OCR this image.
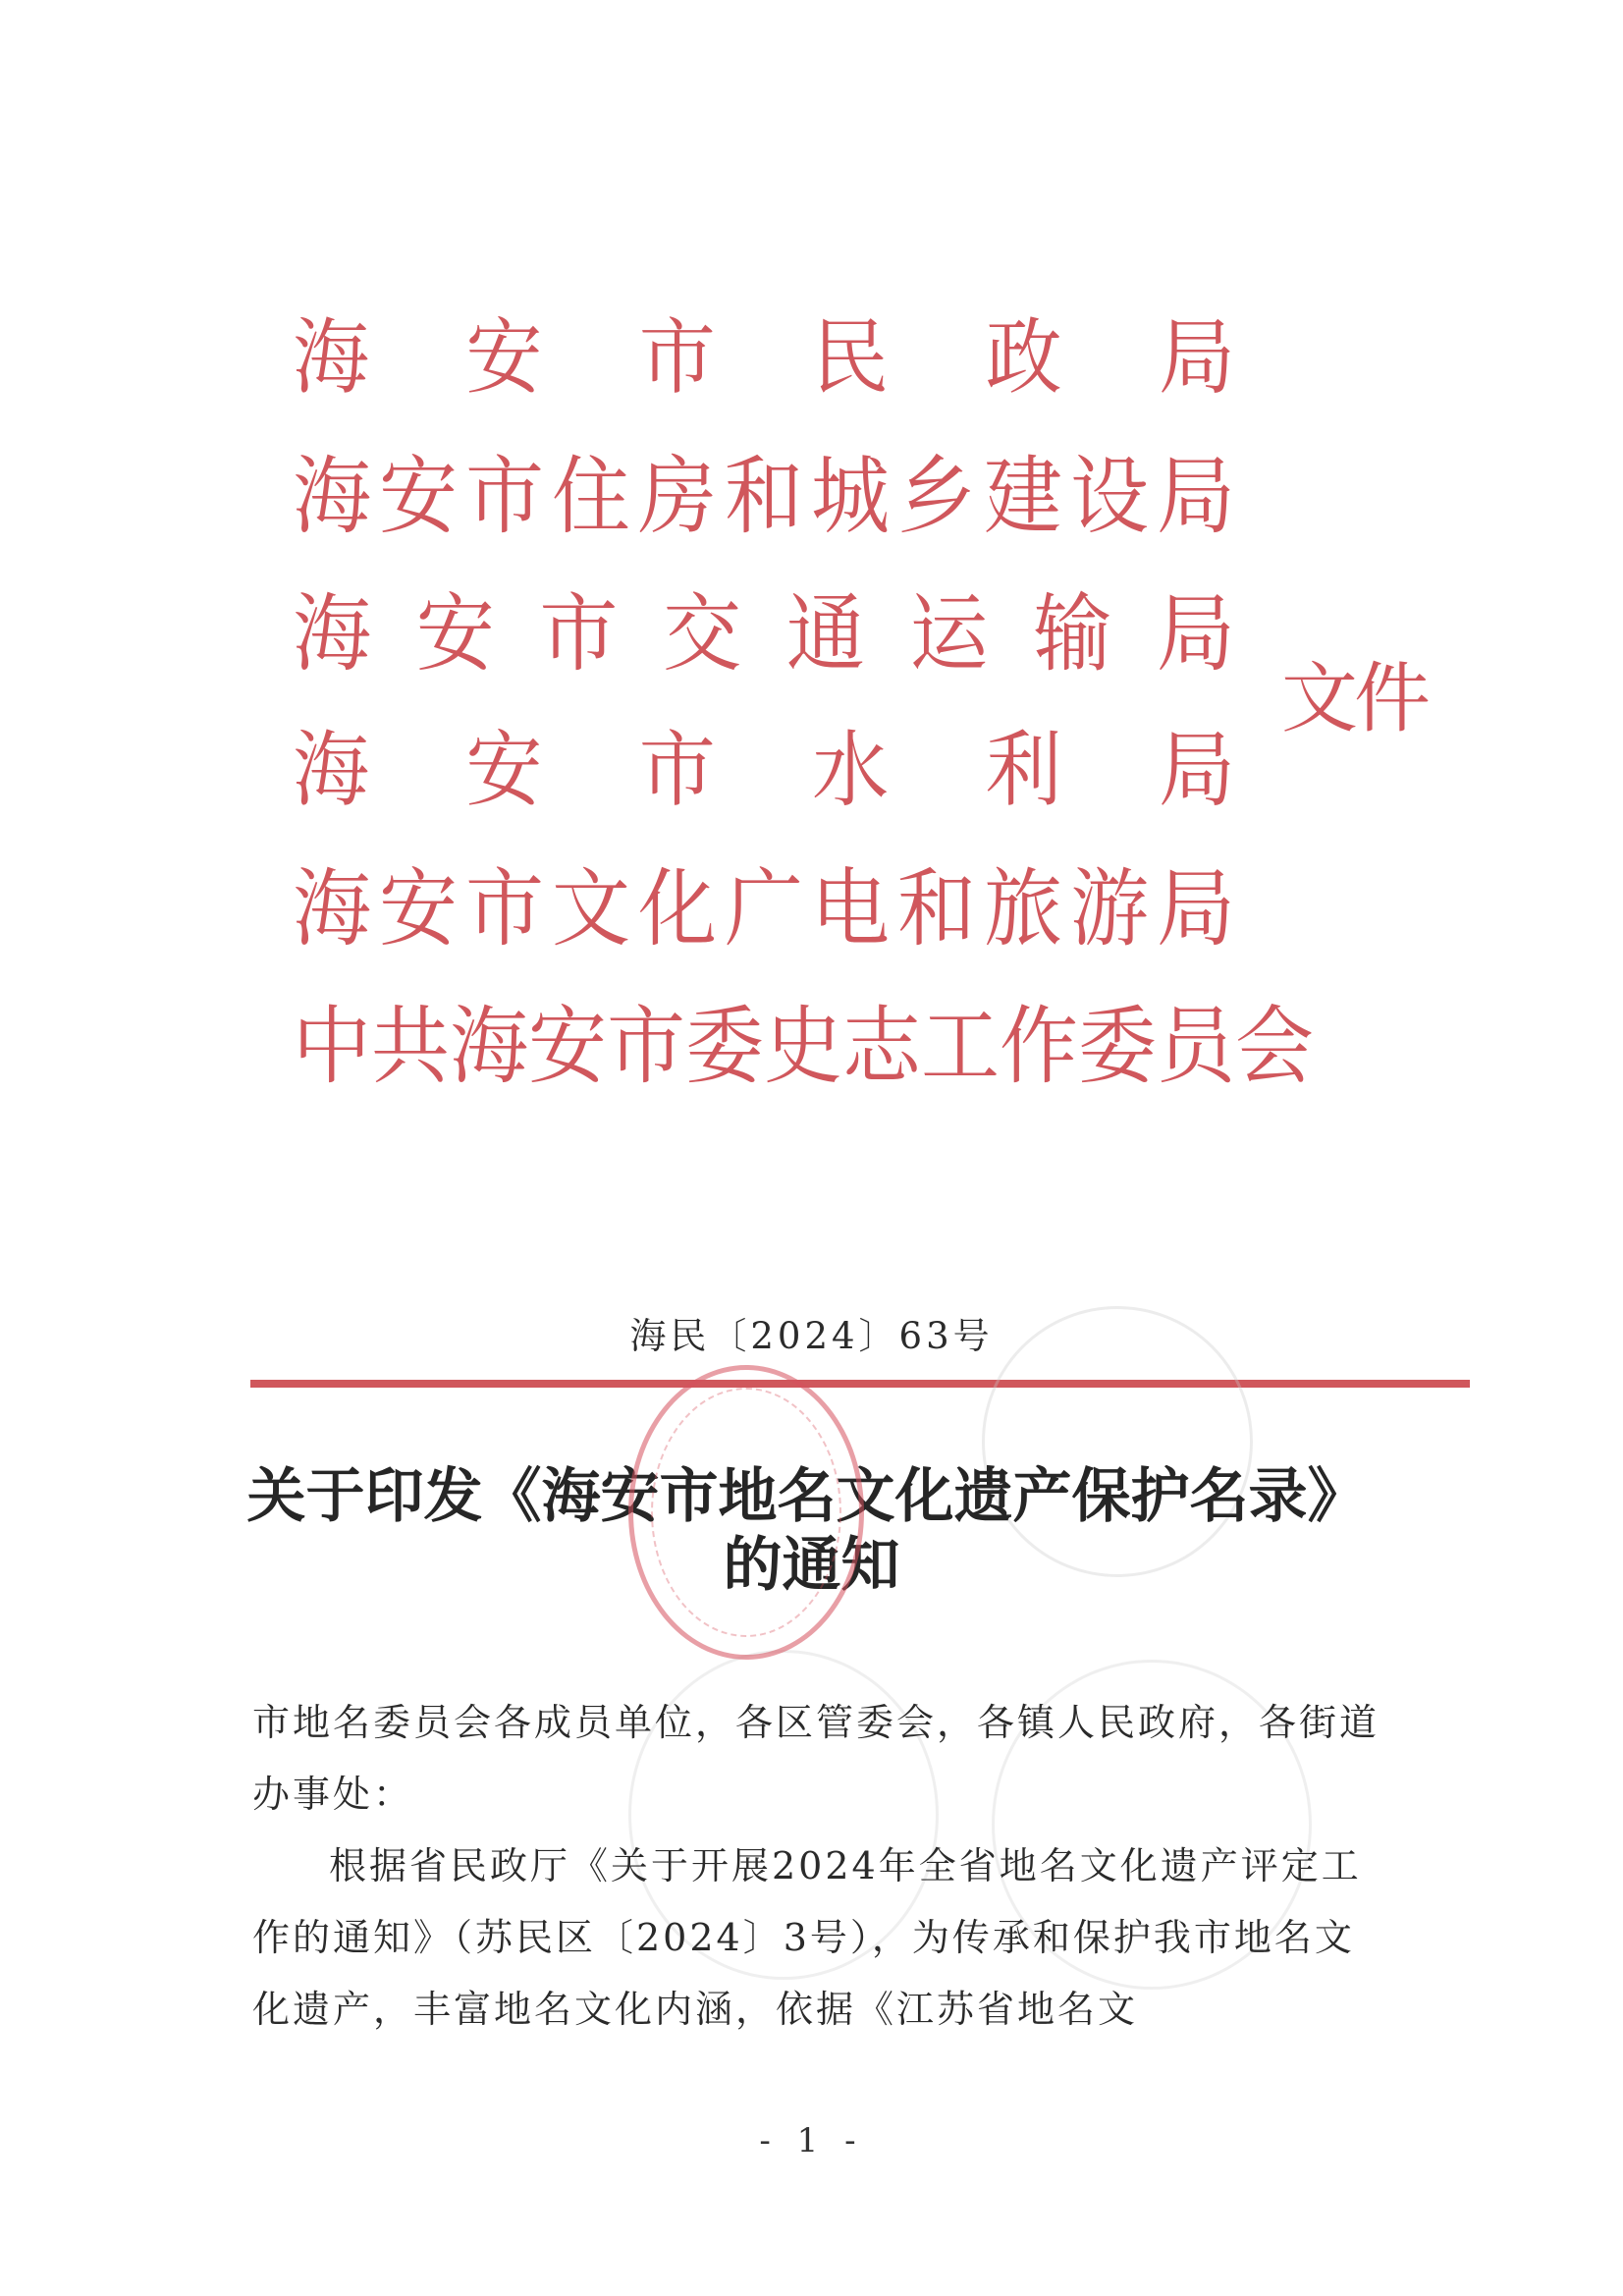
海 安 市 民 政 局
海 安 市 住 房 和 城 乡 建 设 局
海 安 市 交 通 运 输 局
海 安 市 水 利 局
海 安 市 文 化 广 电 和 旅 游 局
中 共 海 安 市 委 史 志 工 作 委 员 会
文件
海民〔2024〕63号
关于印发《海安市地名文化遗产保护名录》
的通知

市地名委员会各成员单位，各区管委会，各镇人民政府，各街道办事处：

根据省民政厅《关于开展2024年全省地名文化遗产评定工作的通知》（苏民区〔2024〕3号），为传承和保护我市地名文化遗产，丰富地名文化内涵，依据《江苏省地名文

- 1 -
